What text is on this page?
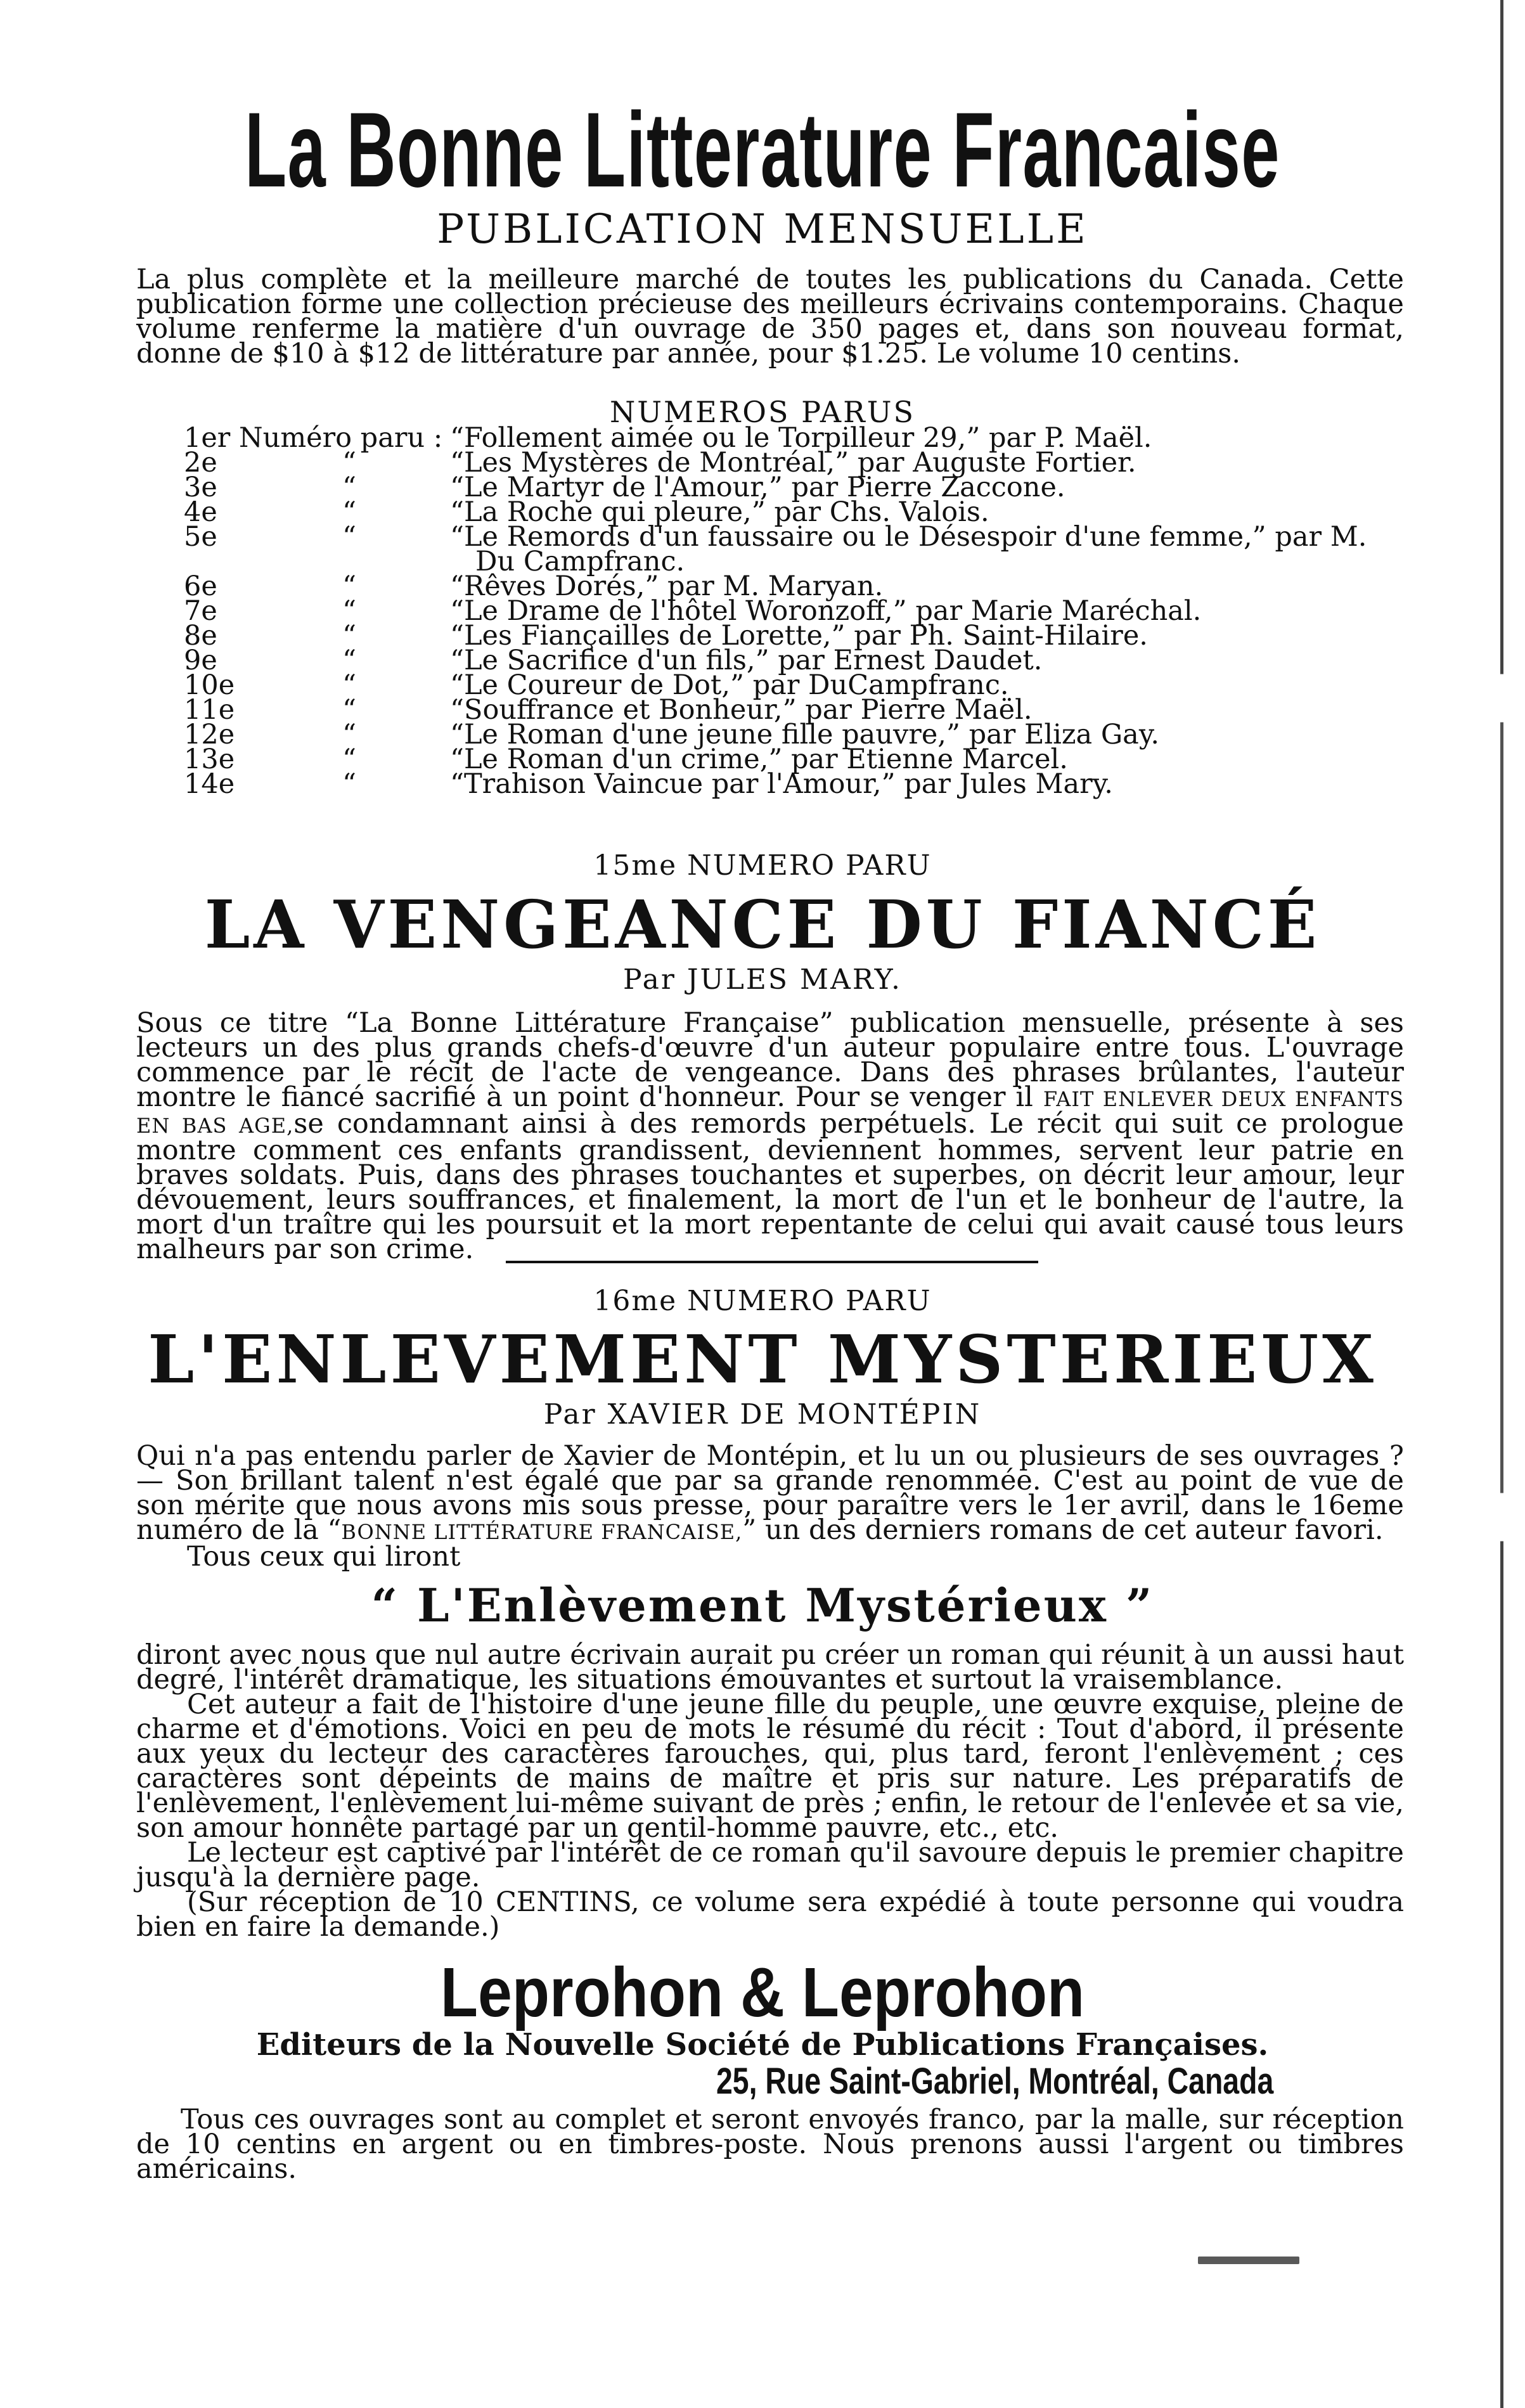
La Bonne Litterature Francaise
PUBLICATION MENSUELLE

La plus complète et la meilleure marché de toutes les publications du Canada. Cette publication forme une collection précieuse des meilleurs écrivains contemporains. Chaque volume renferme la matière d'un ouvrage de 350 pages et, dans son nouveau format, donne de $10 à $12 de littérature par année, pour $1.25. Le volume 10 centins.

NUMEROS PARUS
1er Numéro paru : “Follement aimée ou le Torpilleur 29,” par P. Maël.
2e	“	“Les Mystères de Montréal,” par Auguste Fortier.
3e	“	“Le Martyr de l'Amour,” par Pierre Zaccone.
4e	“	“La Roche qui pleure,” par Chs. Valois.
5e	“	“Le Remords d'un faussaire ou le Désespoir d'une femme,” par M.
Du Campfranc.
6e	“	“Rêves Dorés,” par M. Maryan.
7e	“	“Le Drame de l'hôtel Woronzoff,” par Marie Maréchal.
8e	“	“Les Fiançailles de Lorette,” par Ph. Saint-Hilaire.
9e	“	“Le Sacrifice d'un fils,” par Ernest Daudet.
10e	“	“Le Coureur de Dot,” par DuCampfranc.
11e	“	“Souffrance et Bonheur,” par Pierre Maël.
12e	“	“Le Roman d'une jeune fille pauvre,” par Eliza Gay.
13e	“	“Le Roman d'un crime,” par Etienne Marcel.
14e	“	“Trahison Vaincue par l'Amour,” par Jules Mary.
15me NUMERO PARU
LA VENGEANCE DU FIANCÉ
Par JULES MARY.

Sous ce titre “La Bonne Littérature Française” publication mensuelle, présente à ses lecteurs un des plus grands chefs-d'œuvre d'un auteur populaire entre tous. L'ouvrage commence par le récit de l'acte de vengeance. Dans des phrases brûlantes, l'auteur montre le fiancé sacrifié à un point d'honneur. Pour se venger il FAIT ENLEVER DEUX ENFANTS EN BAS AGE,se condamnant ainsi à des remords perpétuels. Le récit qui suit ce prologue montre comment ces enfants grandissent, deviennent hommes, servent leur patrie en braves soldats. Puis, dans des phrases touchantes et superbes, on décrit leur amour, leur dévouement, leurs souffrances, et finalement, la mort de l'un et le bonheur de l'autre, la mort d'un traître qui les poursuit et la mort repentante de celui qui avait causé tous leurs malheurs par son crime.

16me NUMERO PARU
L'ENLEVEMENT MYSTERIEUX
Par XAVIER DE MONTÉPIN

Qui n'a pas entendu parler de Xavier de Montépin, et lu un ou plusieurs de ses ouvrages ?— Son brillant talent n'est égalé que par sa grande renommée. C'est au point de vue de son mérite que nous avons mis sous presse, pour paraître vers le 1er avril, dans le 16eme numéro de la “BONNE LITTÉRATURE FRANCAISE,” un des derniers romans de cet auteur favori.

Tous ceux qui liront

“ L'Enlèvement Mystérieux ”

diront avec nous que nul autre écrivain aurait pu créer un roman qui réunit à un aussi haut degré, l'intérêt dramatique, les situations émouvantes et surtout la vraisemblance.

Cet auteur a fait de l'histoire d'une jeune fille du peuple, une œuvre exquise, pleine de charme et d'émotions. Voici en peu de mots le résumé du récit : Tout d'abord, il présente aux yeux du lecteur des caractères farouches, qui, plus tard, feront l'enlèvement ; ces caractères sont dépeints de mains de maître et pris sur nature. Les préparatifs de l'enlèvement, l'enlèvement lui-même suivant de près ; enfin, le retour de l'enlevée et sa vie, son amour honnête partagé par un gentil-homme pauvre, etc., etc.

Le lecteur est captivé par l'intérêt de ce roman qu'il savoure depuis le premier chapitre jusqu'à la dernière page.

(Sur réception de 10 CENTINS, ce volume sera expédié à toute personne qui voudra bien en faire la demande.)

Leprohon & Leprohon
Editeurs de la Nouvelle Société de Publications Françaises.
25, Rue Saint-Gabriel, Montréal, Canada

Tous ces ouvrages sont au complet et seront envoyés franco, par la malle, sur réception de 10 centins en argent ou en timbres-poste. Nous prenons aussi l'argent ou timbres américains.
